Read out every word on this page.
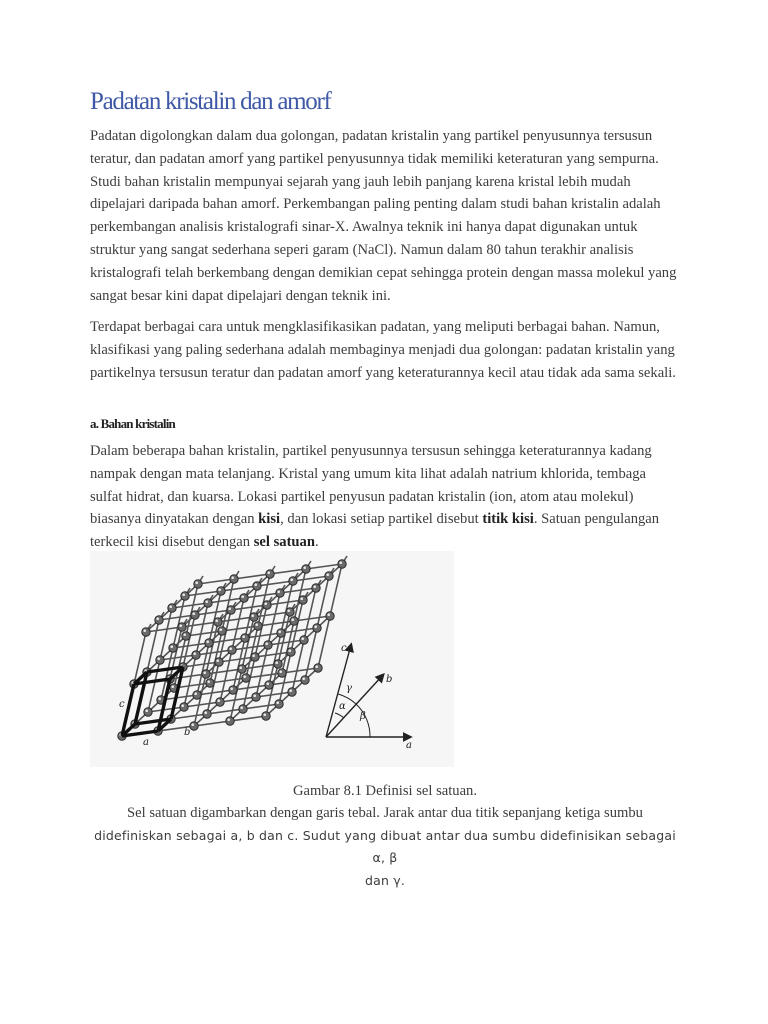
Padatan kristalin dan amorf

Padatan digolongkan dalam dua golongan, padatan kristalin yang partikel penyusunnya tersusun teratur, dan padatan amorf yang partikel penyusunnya tidak memiliki keteraturan yang sempurna. Studi bahan kristalin mempunyai sejarah yang jauh lebih panjang karena kristal lebih mudah dipelajari daripada bahan amorf. Perkembangan paling penting dalam studi bahan kristalin adalah perkembangan analisis kristalografi sinar-X. Awalnya teknik ini hanya dapat digunakan untuk struktur yang sangat sederhana seperi garam (NaCl). Namun dalam 80 tahun terakhir analisis kristalografi telah berkembang dengan demikian cepat sehingga protein dengan massa molekul yang sangat besar kini dapat dipelajari dengan teknik ini.

Terdapat berbagai cara untuk mengklasifikasikan padatan, yang meliputi berbagai bahan. Namun, klasifikasi yang paling sederhana adalah membaginya menjadi dua golongan: padatan kristalin yang partikelnya tersusun teratur dan padatan amorf yang keteraturannya kecil atau tidak ada sama sekali.

a. Bahan kristalin

Dalam beberapa bahan kristalin, partikel penyusunnya tersusun sehingga keteraturannya kadang nampak dengan mata telanjang. Kristal yang umum kita lihat adalah natrium khlorida, tembaga sulfat hidrat, dan kuarsa. Lokasi partikel penyusun padatan kristalin (ion, atom atau molekul) biasanya dinyatakan dengan kisi, dan lokasi setiap partikel disebut titik kisi. Satuan pengulangan terkecil kisi disebut dengan sel satuan.

a
b
c
a
b
c
α
β
γ

Gambar 8.1 Definisi sel satuan.

Sel satuan digambarkan dengan garis tebal. Jarak antar dua titik sepanjang ketiga sumbu
didefiniskan sebagai a, b dan c. Sudut yang dibuat antar dua sumbu didefinisikan sebagai α, β
dan γ.
